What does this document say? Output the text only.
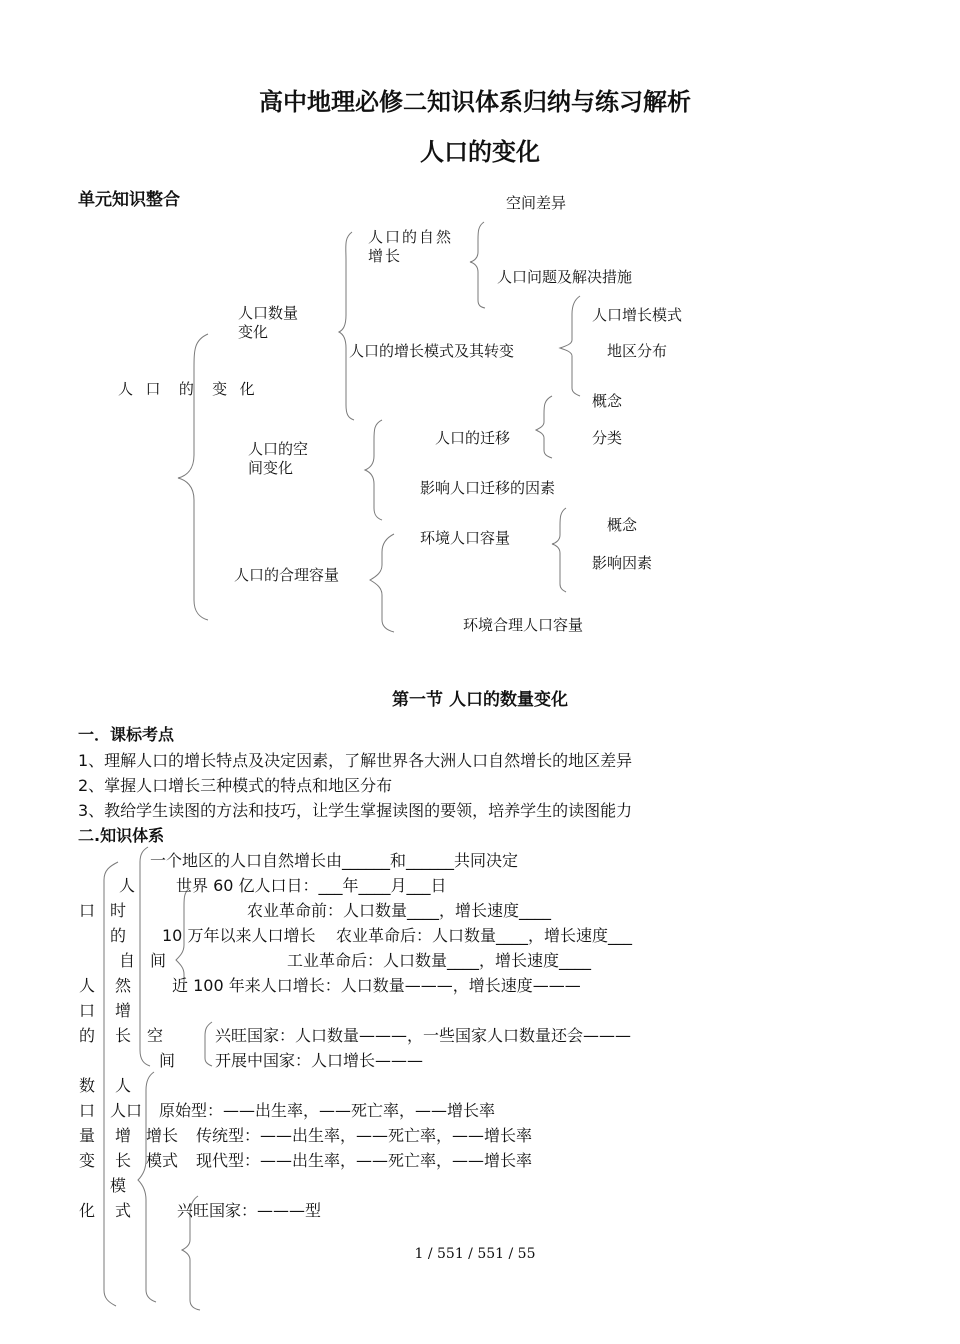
高中地理必修二知识体系归纳与练习解析
人口的变化
单元知识整合
人  口   的   变  化
人口数量变化
人口的空间变化
人口的合理容量
人口的自然增长
空间差异
人口问题及解决措施
人口的增长模式及其转变
人口增长模式
地区分布
概念
人口的迁移	分类
影响人口迁移的因素
概念
环境人口容量
影响因素
环境合理人口容量
第一节 人口的数量变化
一．课标考点
1、理解人口的增长特点及决定因素，了解世界各大洲人口自然增长的地区差异
2、掌握人口增长三种模式的特点和地区分布
3、教给学生读图的方法和技巧，让学生掌握读图的要领，培养学生的读图能力
二.知识体系
口
人
口
的
数
口
量
变
化
人
时
的
自
然
增
长
人
人口
增
长
模
式
间
空
间
增长
模式
一个地区的人口自然增长由______和______共同决定
世界 60 亿人口日：___年____月___日
农业革命前：人口数量____，增长速度____
10 万年以来人口增长 农业革命后：人口数量____，增长速度___
工业革命后：人口数量____，增长速度____
近 100 年来人口增长：人口数量———，增长速度———
兴旺国家：人口数量———，一些国家人口数量还会———
开展中国家：人口增长———
原始型：——出生率，——死亡率，——增长率
传统型：——出生率，——死亡率，——增长率
现代型：——出生率，——死亡率，——增长率
兴旺国家：———型
1 / 551 / 551 / 55
